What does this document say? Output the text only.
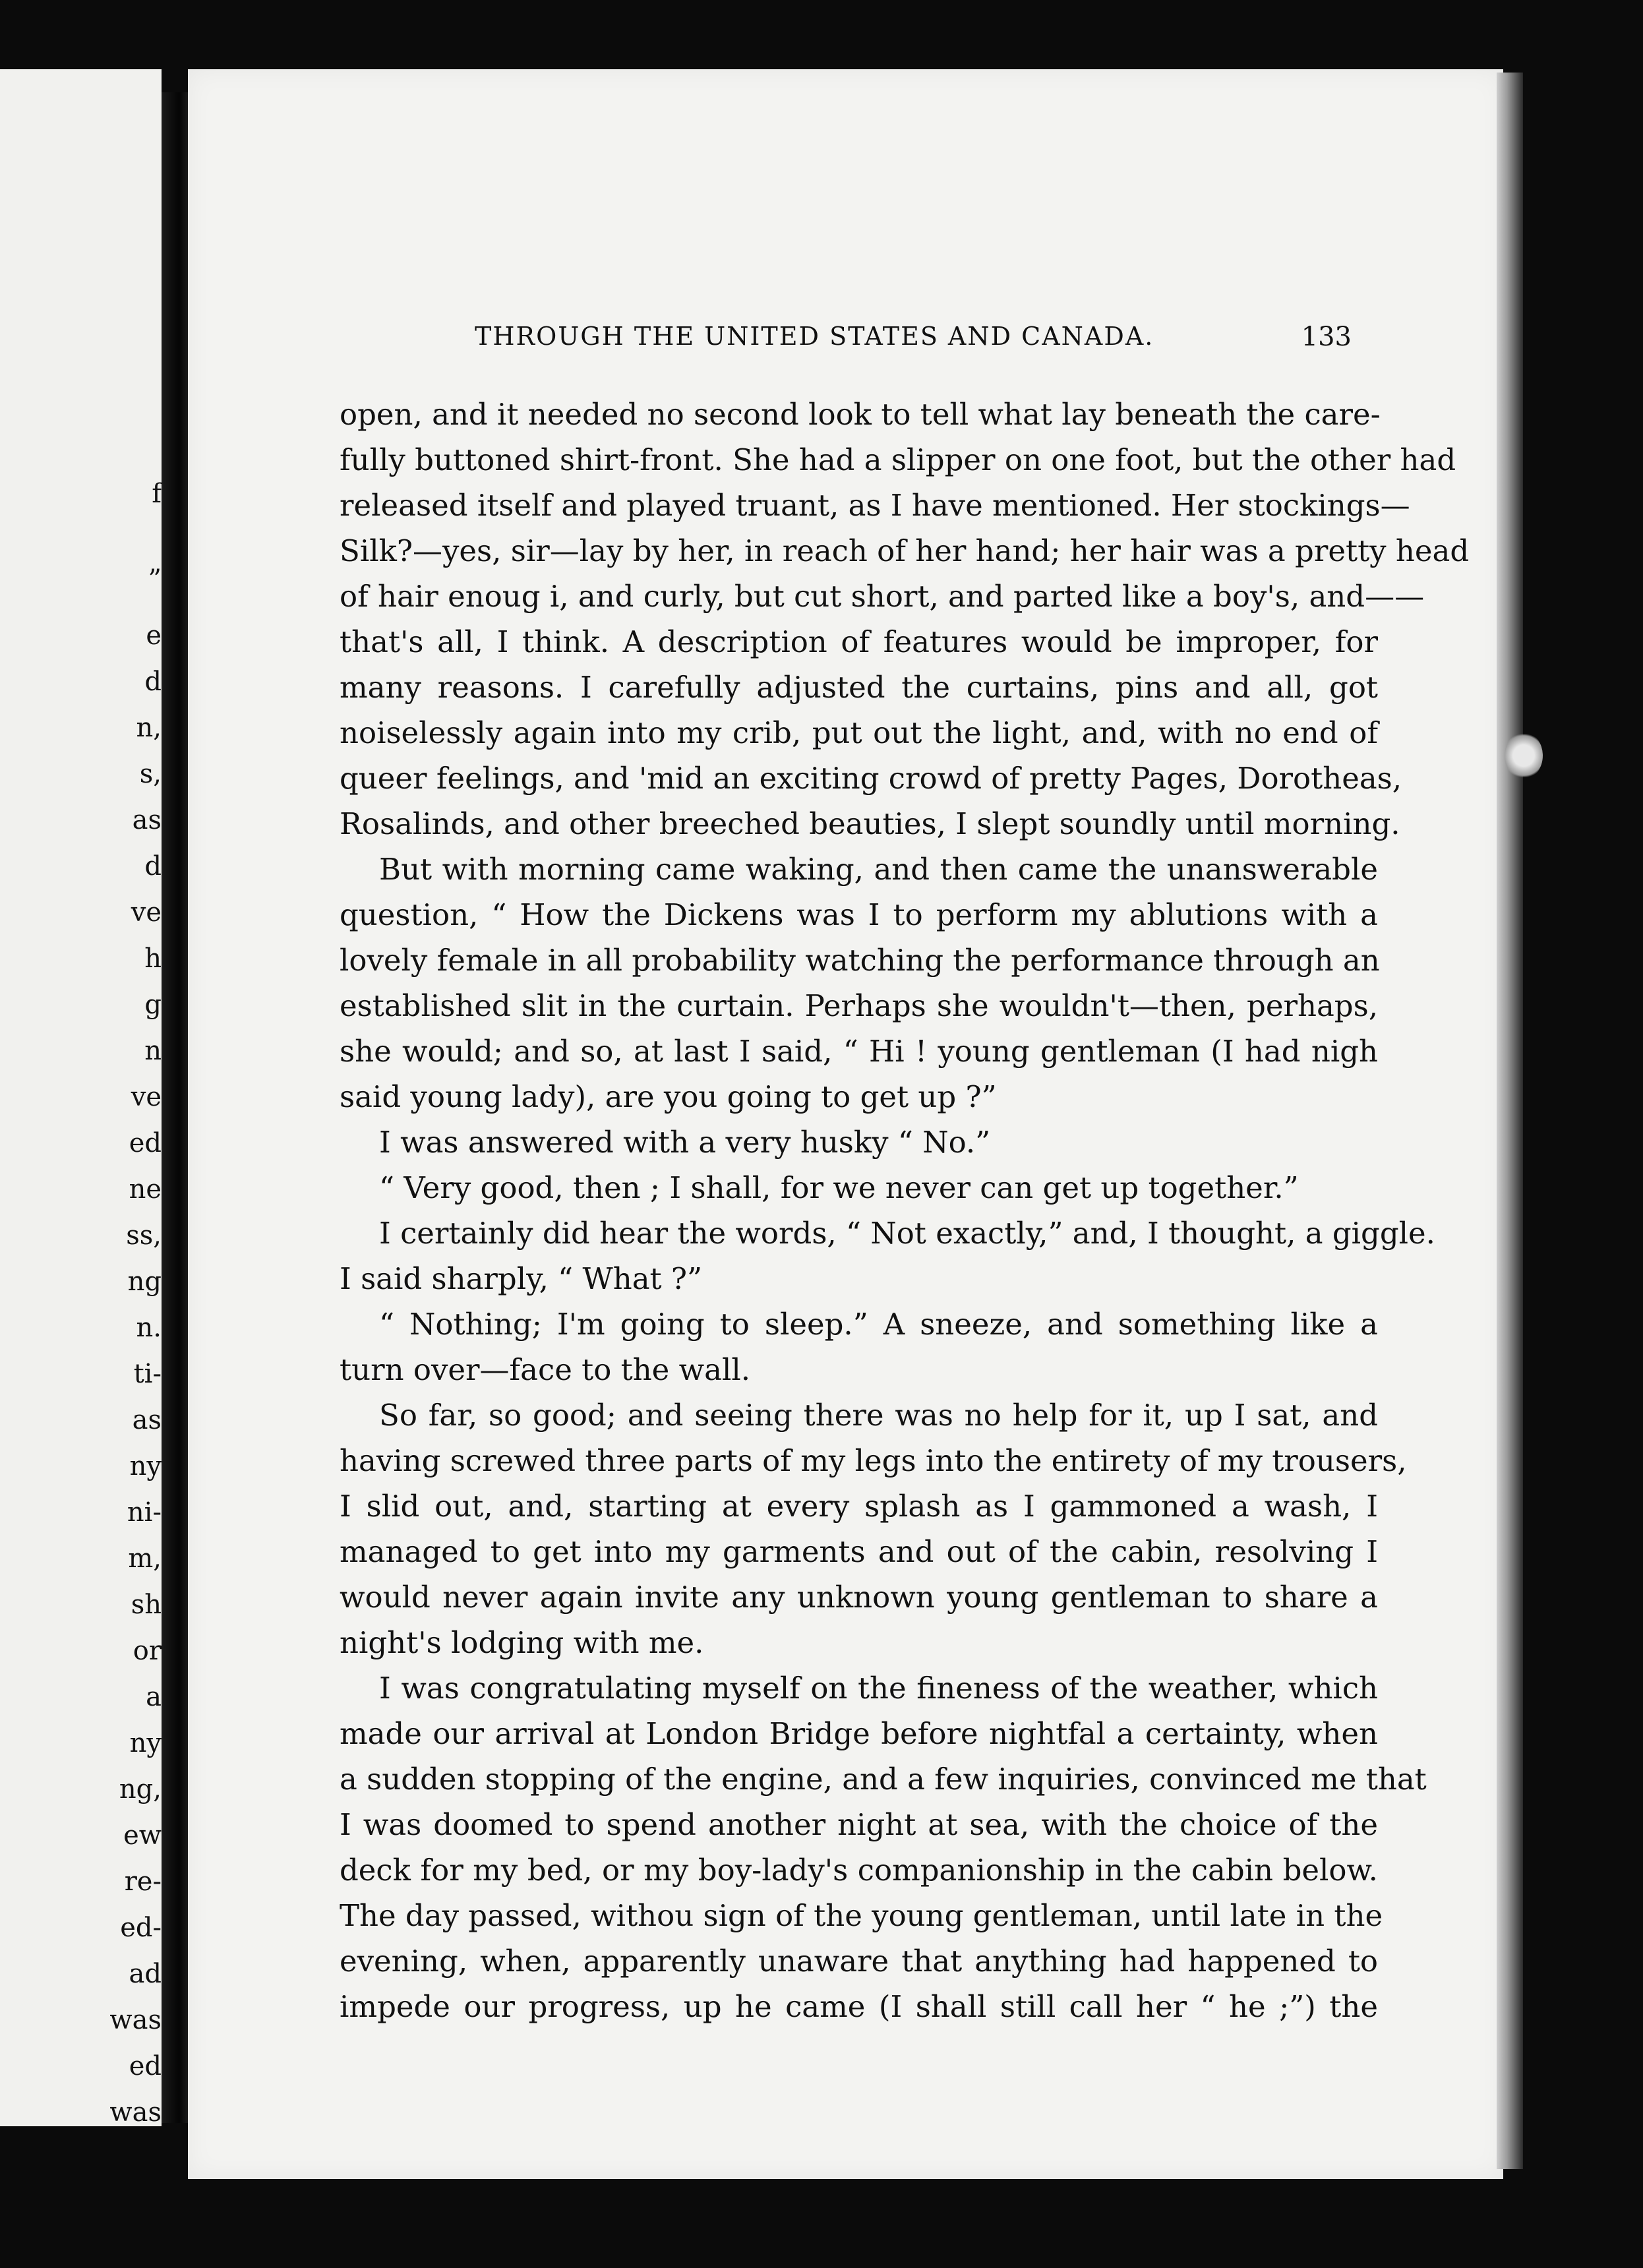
f
”
e
d
n,
s,
as
d
ve
h
g
n
ve
ed
ne
ss,
ng
n.
ti-
as
ny
ni-
m,
sh
or
a
ny
ng,
ew
re-
ed-
ad
was
ed
was
THROUGH THE UNITED STATES AND CANADA.	133
open, and it needed no second look to tell what lay beneath the care-
fully buttoned shirt-front. She had a slipper on one foot, but the other had
released itself and played truant, as I have mentioned. Her stockings—
Silk?—yes, sir—lay by her, in reach of her hand; her hair was a pretty head
of hair enoug i, and curly, but cut short, and parted like a boy's, and——
that's all, I think. A description of features would be improper, for
many reasons. I carefully adjusted the curtains, pins and all, got
noiselessly again into my crib, put out the light, and, with no end of
queer feelings, and 'mid an exciting crowd of pretty Pages, Dorotheas,
Rosalinds, and other breeched beauties, I slept soundly until morning.
But with morning came waking, and then came the unanswerable
question, “ How the Dickens was I to perform my ablutions with a
lovely female in all probability watching the performance through an
established slit in the curtain. Perhaps she wouldn't—then, perhaps,
she would; and so, at last I said, “ Hi ! young gentleman (I had nigh
said young lady), are you going to get up ?”
I was answered with a very husky “ No.”
“ Very good, then ; I shall, for we never can get up together.”
I certainly did hear the words, “ Not exactly,” and, I thought, a giggle.
I said sharply, “ What ?”
“ Nothing; I'm going to sleep.” A sneeze, and something like a
turn over—face to the wall.
So far, so good; and seeing there was no help for it, up I sat, and
having screwed three parts of my legs into the entirety of my trousers,
I slid out, and, starting at every splash as I gammoned a wash, I
managed to get into my garments and out of the cabin, resolving I
would never again invite any unknown young gentleman to share a
night's lodging with me.
I was congratulating myself on the fineness of the weather, which
made our arrival at London Bridge before nightfal a certainty, when
a sudden stopping of the engine, and a few inquiries, convinced me that
I was doomed to spend another night at sea, with the choice of the
deck for my bed, or my boy-lady's companionship in the cabin below.
The day passed, withou sign of the young gentleman, until late in the
evening, when, apparently unaware that anything had happened to
impede our progress, up he came (I shall still call her “ he ;”) the
